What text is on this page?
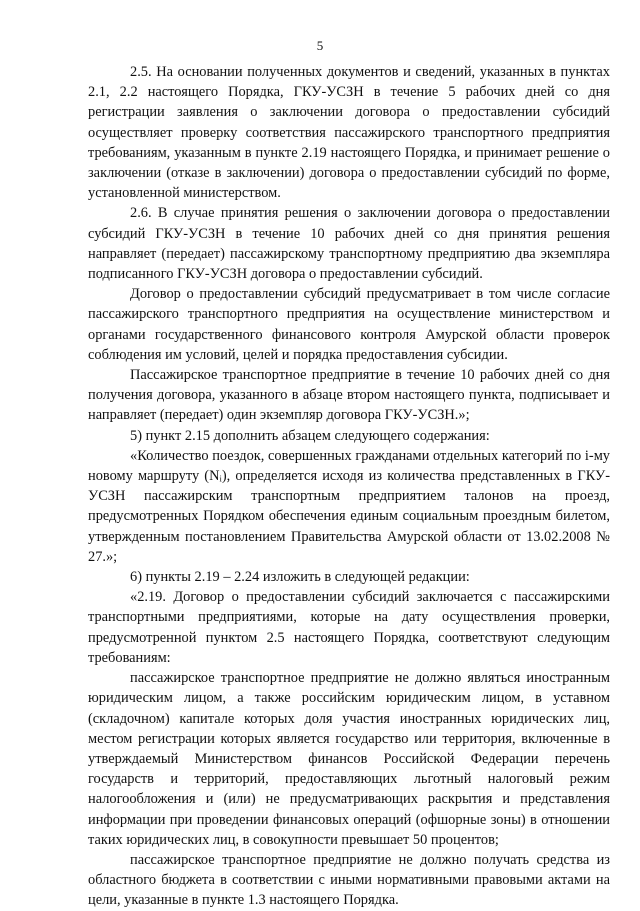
5

2.5. На основании полученных документов и сведений, указанных в пунктах 2.1, 2.2 настоящего Порядка, ГКУ-УСЗН в течение 5 рабочих дней со дня регистрации заявления о заключении договора о предоставлении субсидий осуществляет проверку соответствия пассажирского транспортного предприятия требованиям, указанным в пункте 2.19 настоящего Порядка, и принимает решение о заключении (отказе в заключении) договора о предоставлении субсидий по форме, установленной министерством.

2.6. В случае принятия решения о заключении договора о предоставлении субсидий ГКУ-УСЗН в течение 10 рабочих дней со дня принятия решения направляет (передает) пассажирскому транспортному предприятию два экземпляра подписанного ГКУ-УСЗН договора о предоставлении субсидий.

Договор о предоставлении субсидий предусматривает в том числе согласие пассажирского транспортного предприятия на осуществление министерством и органами государственного финансового контроля Амурской области проверок соблюдения им условий, целей и порядка предоставления субсидии.

Пассажирское транспортное предприятие в течение 10 рабочих дней со дня получения договора, указанного в абзаце втором настоящего пункта, подписывает и направляет (передает) один экземпляр договора ГКУ-УСЗН.»;

5) пункт 2.15 дополнить абзацем следующего содержания:

«Количество поездок, совершенных гражданами отдельных категорий по i-му новому маршруту (Nᵢ), определяется исходя из количества представленных в ГКУ-УСЗН пассажирским транспортным предприятием талонов на проезд, предусмотренных Порядком обеспечения единым социальным проездным билетом, утвержденным постановлением Правительства Амурской области от 13.02.2008 № 27.»;

6) пункты 2.19 – 2.24 изложить в следующей редакции:

«2.19. Договор о предоставлении субсидий заключается с пассажирскими транспортными предприятиями, которые на дату осуществления проверки, предусмотренной пунктом 2.5 настоящего Порядка, соответствуют следующим требованиям:

пассажирское транспортное предприятие не должно являться иностранным юридическим лицом, а также российским юридическим лицом, в уставном (складочном) капитале которых доля участия иностранных юридических лиц, местом регистрации которых является государство или территория, включенные в утверждаемый Министерством финансов Российской Федерации перечень государств и территорий, предоставляющих льготный налоговый режим налогообложения и (или) не предусматривающих раскрытия и представления информации при проведении финансовых операций (офшорные зоны) в отношении таких юридических лиц, в совокупности превышает 50 процентов;

пассажирское транспортное предприятие не должно получать средства из областного бюджета в соответствии с иными нормативными правовыми актами на цели, указанные в пункте 1.3 настоящего Порядка.
